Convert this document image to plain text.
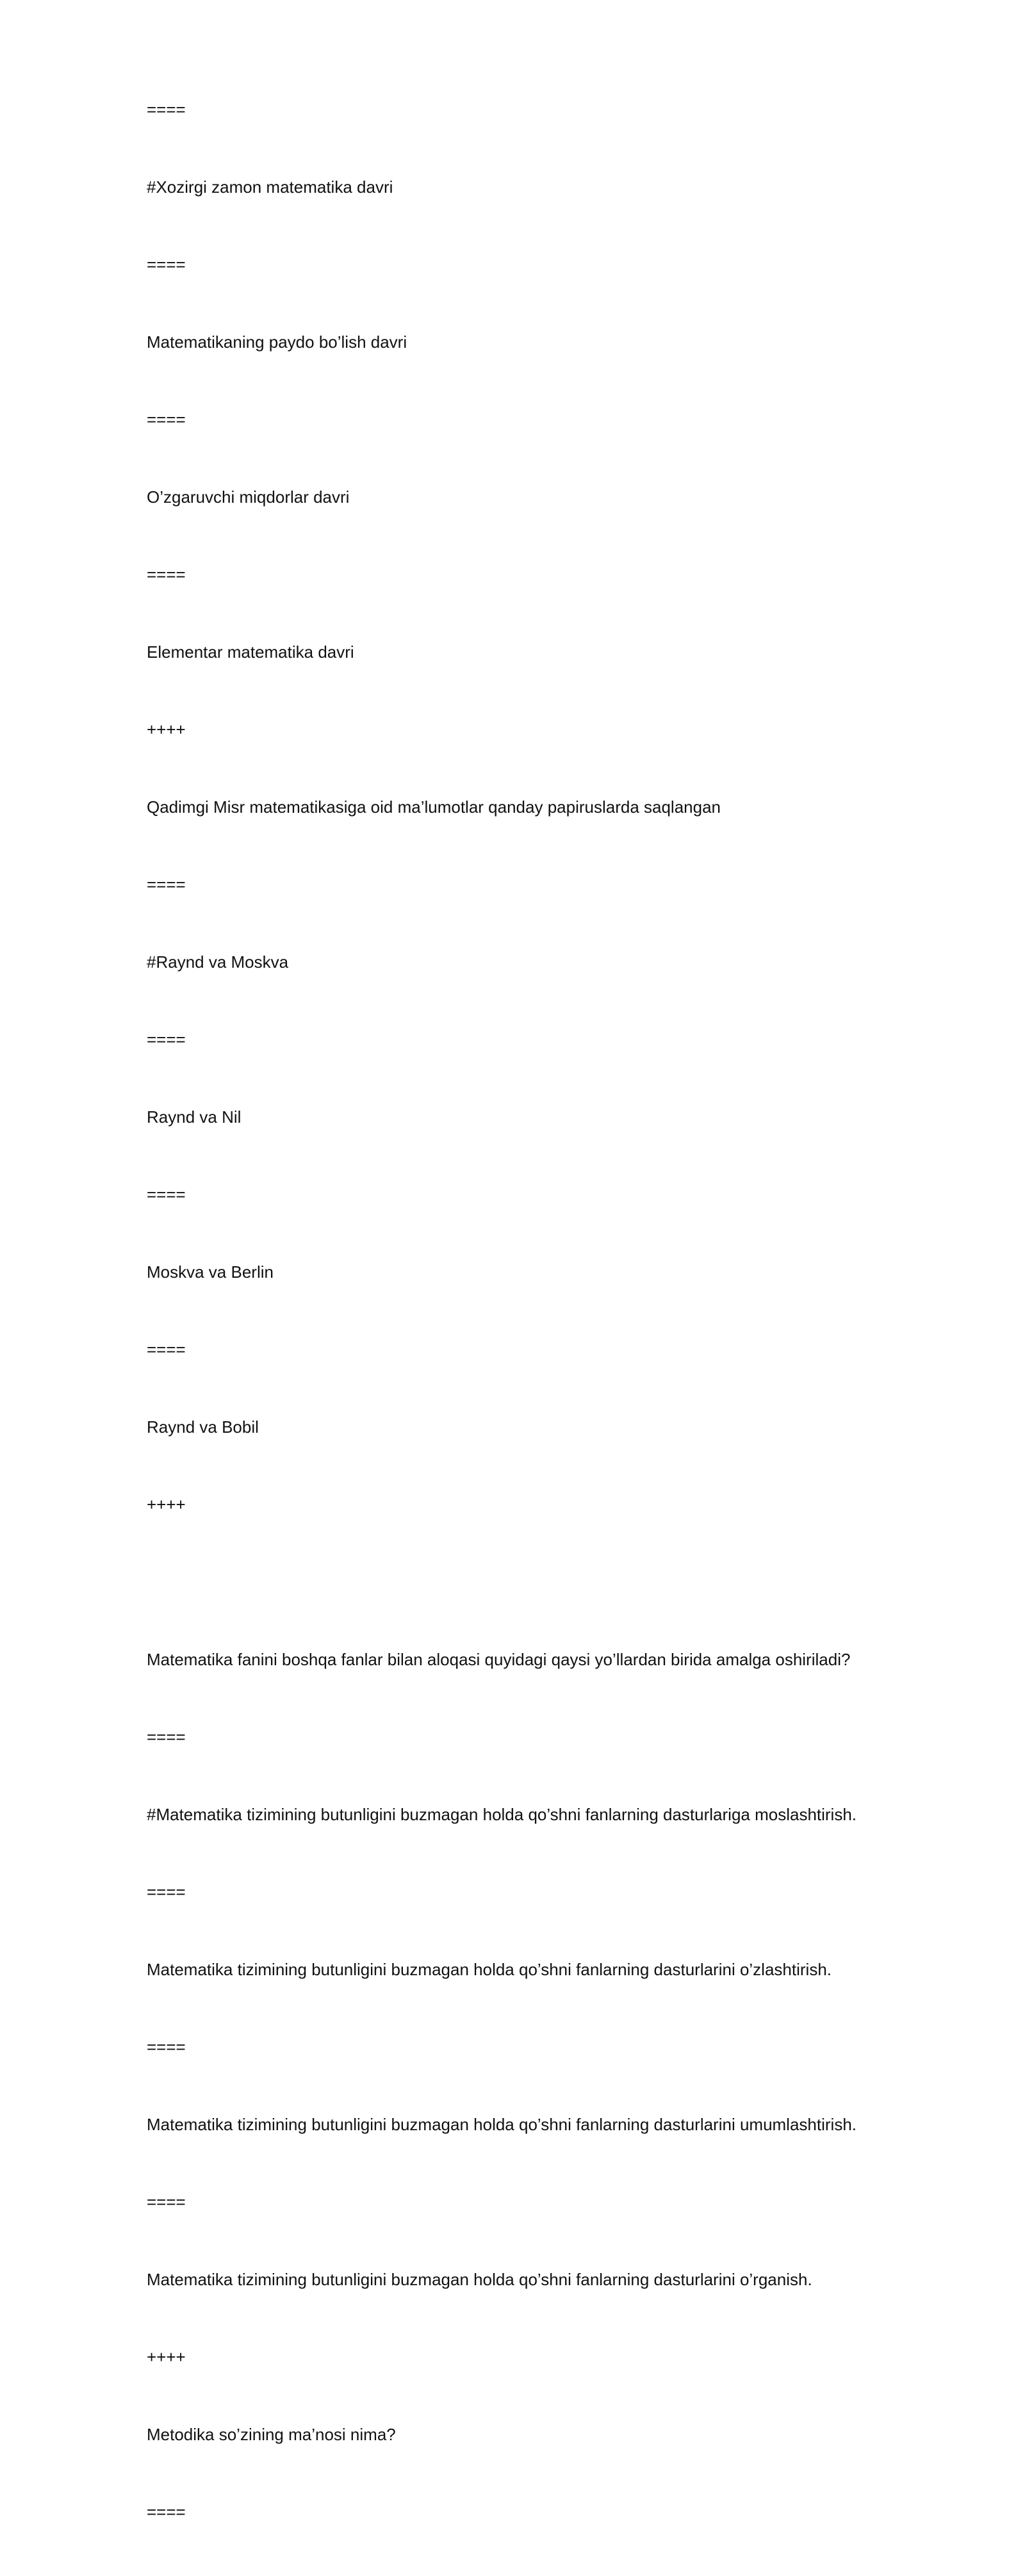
====
#Xozirgi zamon matematika davri
====
Matematikaning paydo bo’lish davri
====
O’zgaruvchi miqdorlar davri
====
Elementar matematika davri
++++
Qadimgi Misr matematikasiga oid ma’lumotlar qanday papiruslarda saqlangan
====
#Raynd va Moskva
====
Raynd va Nil
====
Moskva va Berlin
====
Raynd va Bobil
++++
Matematika fanini boshqa fanlar bilan aloqasi quyidagi qaysi yo’llardan birida amalga oshiriladi?
====
#Matematika tizimining butunligini buzmagan holda qo’shni fanlarning dasturlariga moslashtirish.
====
Matematika tizimining butunligini buzmagan holda qo’shni fanlarning dasturlarini o’zlashtirish.
====
Matematika tizimining butunligini buzmagan holda qo’shni fanlarning dasturlarini umumlashtirish.
====
Matematika tizimining butunligini buzmagan holda qo’shni fanlarning dasturlarini o’rganish.
++++
Metodika so’zining ma’nosi nima?
====
